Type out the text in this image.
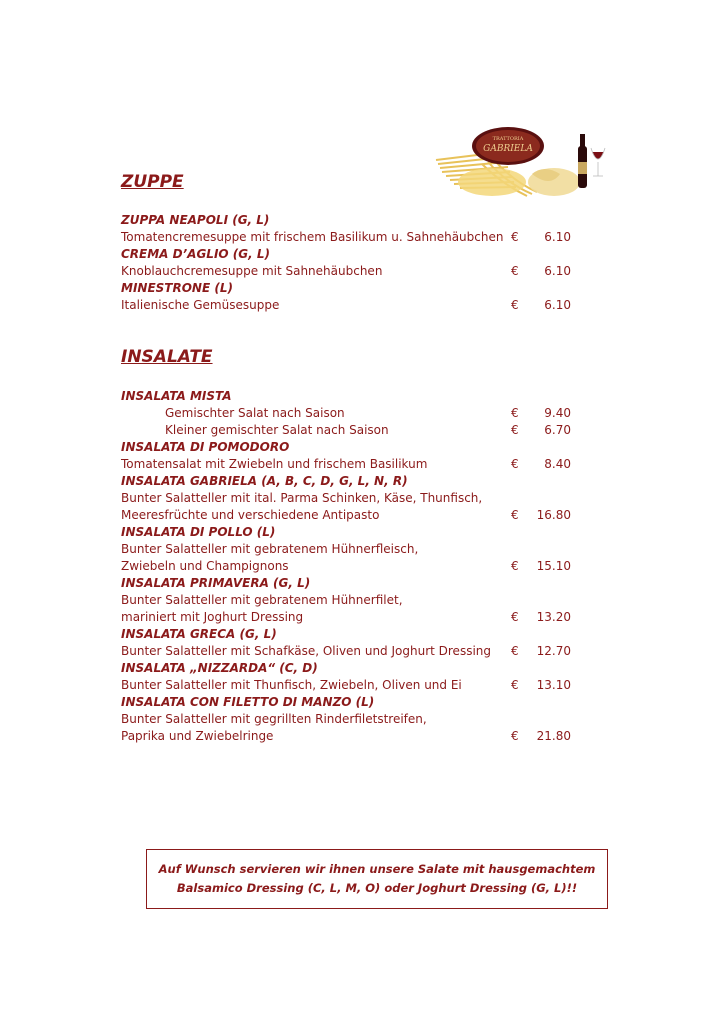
TRATTORIA
GABRIELA
ZUPPE
ZUPPA NEAPOLI (G, L)
Tomatencremesuppe mit frischem Basilikum u. Sahnehäubchen € 6.10
CREMA D’AGLIO (G, L)
Knoblauchcremesuppe mit Sahnehäubchen	€ 6.10
MINESTRONE (L)
Italienische Gemüsesuppe	€ 6.10
INSALATE
INSALATA MISTA
Gemischter Salat nach Saison	€ 9.40
Kleiner gemischter Salat nach Saison	€ 6.70
INSALATA DI POMODORO
Tomatensalat mit Zwiebeln und frischem Basilikum	€ 8.40
INSALATA GABRIELA (A, B, C, D, G, L, N, R)
Bunter Salatteller mit ital. Parma Schinken, Käse, Thunfisch,
Meeresfrüchte und verschiedene Antipasto	€ 16.80
INSALATA DI POLLO (L)
Bunter Salatteller mit gebratenem Hühnerfleisch,
Zwiebeln und Champignons	€ 15.10
INSALATA PRIMAVERA (G, L)
Bunter Salatteller mit gebratenem Hühnerfilet,
mariniert mit Joghurt Dressing	€ 13.20
INSALATA GRECA (G, L)
Bunter Salatteller mit Schafkäse, Oliven und Joghurt Dressing € 12.70
INSALATA „NIZZARDA“ (C, D)
Bunter Salatteller mit Thunfisch, Zwiebeln, Oliven und Ei	€ 13.10
INSALATA CON FILETTO DI MANZO (L)
Bunter Salatteller mit gegrillten Rinderfiletstreifen,
Paprika und Zwiebelringe	€ 21.80
Auf Wunsch servieren wir ihnen unsere Salate mit hausgemachtem
Balsamico Dressing (C, L, M, O) oder Joghurt Dressing (G, L)!!
